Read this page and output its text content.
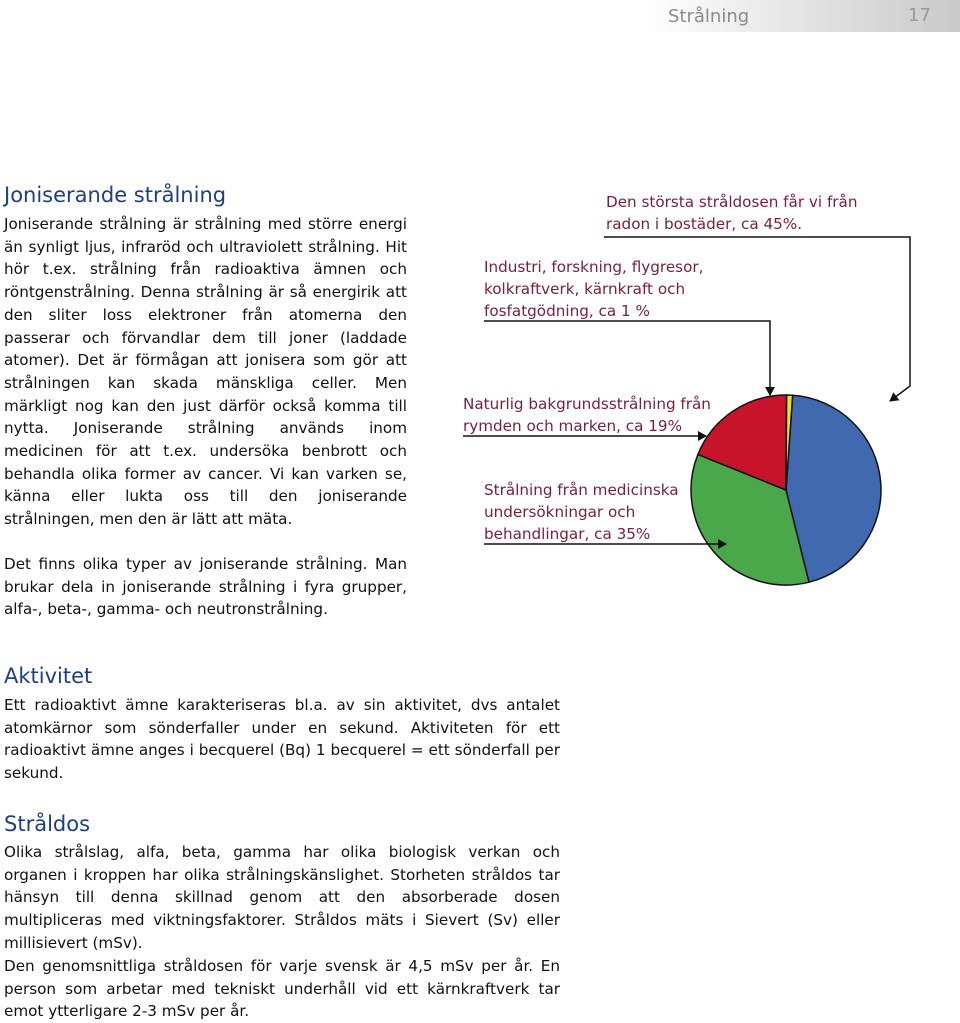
Strålning	17
Joniserande strålning

Joniserande strålning är strålning med större energi än synligt ljus, infraröd och ultraviolett strålning. Hit hör t.ex. strålning från radioaktiva ämnen och röntgenstrålning. Denna strålning är så energirik att den sliter loss elektroner från atomerna den passerar och förvandlar dem till joner (laddade atomer). Det är förmågan att jonisera som gör att strålningen kan skada mänskliga celler. Men märkligt nog kan den just därför också komma till nytta. Joniserande strålning används inom medicinen för att t.ex. undersöka benbrott och behandla olika former av cancer. Vi kan varken se, känna eller lukta oss till den joniserande strålningen, men den är lätt att mäta.

Det finns olika typer av joniserande strålning. Man brukar dela in joniserande strålning i fyra grupper, alfa-, beta-, gamma- och neutronstrålning.

Aktivitet

Ett radioaktivt ämne karakteriseras bl.a. av sin aktivitet, dvs antalet atomkärnor som sönderfaller under en sekund. Aktiviteten för ett radioaktivt ämne anges i becquerel (Bq) 1 becquerel = ett sönderfall per sekund.

Stråldos

Olika strålslag, alfa, beta, gamma har olika biologisk verkan och organen i kroppen har olika strålningskänslighet. Storheten stråldos tar hänsyn till denna skillnad genom att den absorberade dosen multipliceras med viktningsfaktorer. Stråldos mäts i Sievert (Sv) eller millisievert (mSv).

Den genomsnittliga stråldosen för varje svensk är 4,5 mSv per år. En person som arbetar med tekniskt underhåll vid ett kärnkraftverk tar emot ytterligare 2-3 mSv per år.

Den största stråldosen får vi från
radon i bostäder, ca 45%.
Industri, forskning, flygresor,
kolkraftverk, kärnkraft och
fosfatgödning, ca 1 %
Naturlig bakgrundsstrålning från
rymden och marken, ca 19%
Strålning från medicinska
undersökningar och
behandlingar, ca 35%
